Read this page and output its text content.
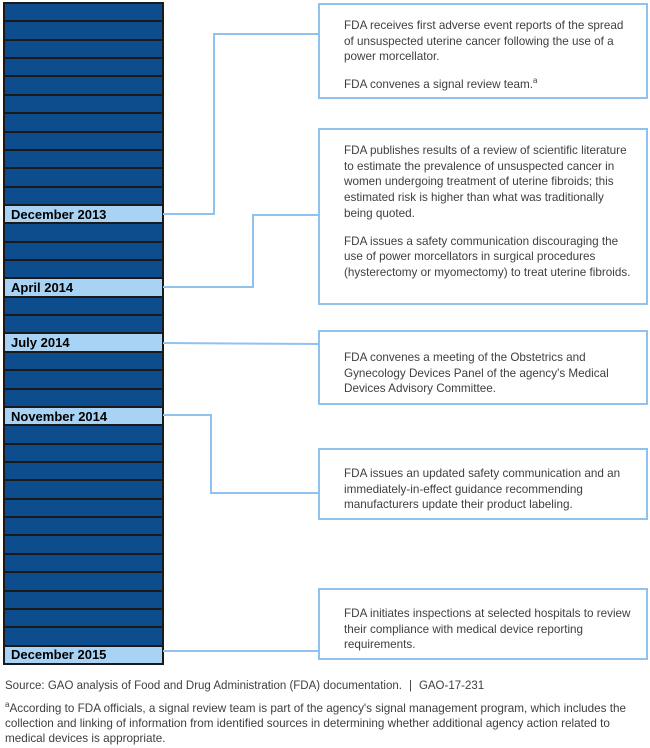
December 2013
April 2014
July 2014
November 2014
December 2015

FDA receives first adverse event reports of the spread of unsuspected uterine cancer following the use of a power morcellator.

FDA convenes a signal review team.$^a$

FDA publishes results of a review of scientific literature to estimate the prevalence of unsuspected cancer in women undergoing treatment of uterine fibroids; this estimated risk is higher than what was traditionally being quoted.

FDA issues a safety communication discouraging the use of power morcellators in surgical procedures (hysterectomy or myomectomy) to treat uterine fibroids.

FDA convenes a meeting of the Obstetrics and Gynecology Devices Panel of the agency's Medical Devices Advisory Committee.

FDA issues an updated safety communication and an immediately-in-effect guidance recommending manufacturers update their product labeling.

FDA initiates inspections at selected hospitals to review their compliance with medical device reporting requirements.

Source: GAO analysis of Food and Drug Administration (FDA) documentation. | GAO-17-231
$^a$According to FDA officials, a signal review team is part of the agency's signal management program, which includes the collection and linking of information from identified sources in determining whether additional agency action related to medical devices is appropriate.
